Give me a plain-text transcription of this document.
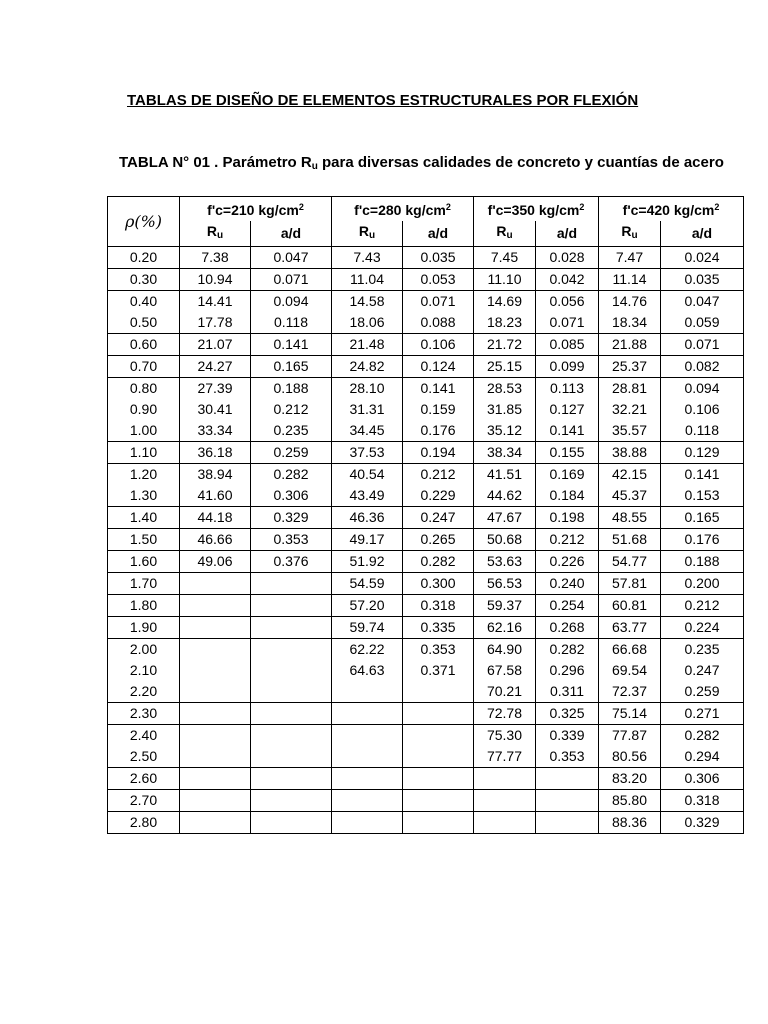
TABLAS DE DISEÑO DE ELEMENTOS ESTRUCTURALES POR FLEXIÓN
TABLA N° 01 . Parámetro $R_u$ para diversas calidades de concreto y cuantías de acero
ρ(%)	f'c=210 $kg/cm^2$		f'c=280 $kg/cm^2$		f'c=350 $kg/cm^2$		f'c=420 $kg/cm^2$
	$R_u$	a/d	$R_u$	a/d	$R_u$	a/d	$R_u$	a/d
0.20	7.38	0.047	7.43	0.035	7.45	0.028	7.47	0.024
0.30	10.94	0.071	11.04	0.053	11.10	0.042	11.14	0.035
0.40	14.41	0.094	14.58	0.071	14.69	0.056	14.76	0.047
0.50	17.78	0.118	18.06	0.088	18.23	0.071	18.34	0.059
0.60	21.07	0.141	21.48	0.106	21.72	0.085	21.88	0.071
0.70	24.27	0.165	24.82	0.124	25.15	0.099	25.37	0.082
0.80	27.39	0.188	28.10	0.141	28.53	0.113	28.81	0.094
0.90	30.41	0.212	31.31	0.159	31.85	0.127	32.21	0.106
1.00	33.34	0.235	34.45	0.176	35.12	0.141	35.57	0.118
1.10	36.18	0.259	37.53	0.194	38.34	0.155	38.88	0.129
1.20	38.94	0.282	40.54	0.212	41.51	0.169	42.15	0.141
1.30	41.60	0.306	43.49	0.229	44.62	0.184	45.37	0.153
1.40	44.18	0.329	46.36	0.247	47.67	0.198	48.55	0.165
1.50	46.66	0.353	49.17	0.265	50.68	0.212	51.68	0.176
1.60	49.06	0.376	51.92	0.282	53.63	0.226	54.77	0.188
1.70			54.59	0.300	56.53	0.240	57.81	0.200
1.80			57.20	0.318	59.37	0.254	60.81	0.212
1.90			59.74	0.335	62.16	0.268	63.77	0.224
2.00			62.22	0.353	64.90	0.282	66.68	0.235
2.10			64.63	0.371	67.58	0.296	69.54	0.247
2.20					70.21	0.311	72.37	0.259
2.30					72.78	0.325	75.14	0.271
2.40					75.30	0.339	77.87	0.282
2.50					77.77	0.353	80.56	0.294
2.60							83.20	0.306
2.70							85.80	0.318
2.80							88.36	0.329
